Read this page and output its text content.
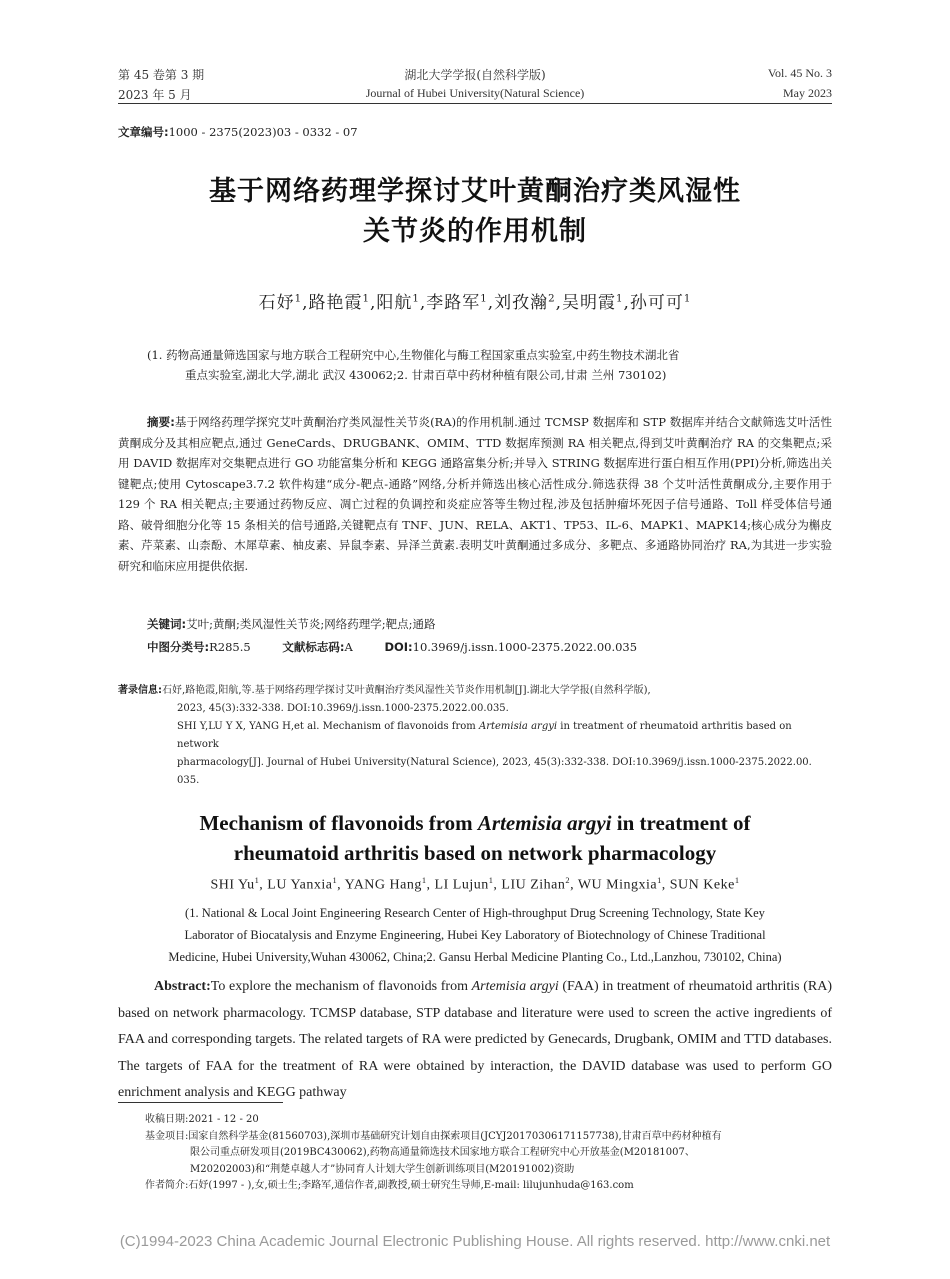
第 45 卷第 3 期
2023 年 5 月
湖北大学学报(自然科学版)
Journal of Hubei University(Natural Science)
Vol. 45 No. 3
May 2023
文章编号:1000 - 2375(2023)03 - 0332 - 07
基于网络药理学探讨艾叶黄酮治疗类风湿性
关节炎的作用机制
石妤$^1$,路艳霞$^1$,阳航$^1$,李路军$^1$,刘孜瀚$^2$,吴明霞$^1$,孙可可$^1$
(1. 药物高通量筛选国家与地方联合工程研究中心,生物催化与酶工程国家重点实验室,中药生物技术湖北省
重点实验室,湖北大学,湖北 武汉 430062;2. 甘肃百草中药材种植有限公司,甘肃 兰州 730102)
摘要:基于网络药理学探究艾叶黄酮治疗类风湿性关节炎(RA)的作用机制.通过 TCMSP 数据库和 STP 数据库并结合文献筛选艾叶活性黄酮成分及其相应靶点,通过 GeneCards、DRUGBANK、OMIM、TTD 数据库预测 RA 相关靶点,得到艾叶黄酮治疗 RA 的交集靶点;采用 DAVID 数据库对交集靶点进行 GO 功能富集分析和 KEGG 通路富集分析;并导入 STRING 数据库进行蛋白相互作用(PPI)分析,筛选出关键靶点;使用 Cytoscape3.7.2 软件构建“成分-靶点-通路”网络,分析并筛选出核心活性成分.筛选获得 38 个艾叶活性黄酮成分,主要作用于 129 个 RA 相关靶点;主要通过药物反应、凋亡过程的负调控和炎症应答等生物过程,涉及包括肿瘤坏死因子信号通路、Toll 样受体信号通路、破骨细胞分化等 15 条相关的信号通路,关键靶点有 TNF、JUN、RELA、AKT1、TP53、IL-6、MAPK1、MAPK14;核心成分为槲皮素、芹菜素、山柰酚、木犀草素、柚皮素、异鼠李素、异泽兰黄素.表明艾叶黄酮通过多成分、多靶点、多通路协同治疗 RA,为其进一步实验研究和临床应用提供依据.
关键词:艾叶;黄酮;类风湿性关节炎;网络药理学;靶点;通路
中图分类号:R285.5	文献标志码:A	DOI:10.3969/j.issn.1000-2375.2022.00.035
著录信息:石妤,路艳霞,阳航,等.基于网络药理学探讨艾叶黄酮治疗类风湿性关节炎作用机制[J].湖北大学学报(自然科学版),
2023, 45(3):332-338. DOI:10.3969/j.issn.1000-2375.2022.00.035.
SHI Y,LU Y X, YANG H,et al. Mechanism of flavonoids from Artemisia argyi in treatment of rheumatoid arthritis based on network
pharmacology[J]. Journal of Hubei University(Natural Science), 2023, 45(3):332-338. DOI:10.3969/j.issn.1000-2375.2022.00.
035.
Mechanism of flavonoids from Artemisia argyi in treatment of
rheumatoid arthritis based on network pharmacology
SHI Yu$^1$, LU Yanxia$^1$, YANG Hang$^1$, LI Lujun$^1$, LIU Zihan$^2$, WU Mingxia$^1$, SUN Keke$^1$
(1. National & Local Joint Engineering Research Center of High-throughput Drug Screening Technology, State Key
Laborator of Biocatalysis and Enzyme Engineering, Hubei Key Laboratory of Biotechnology of Chinese Traditional
Medicine, Hubei University,Wuhan 430062, China;2. Gansu Herbal Medicine Planting Co., Ltd.,Lanzhou, 730102, China)
Abstract:To explore the mechanism of flavonoids from Artemisia argyi (FAA) in treatment of rheumatoid arthritis (RA) based on network pharmacology. TCMSP database, STP database and literature were used to screen the active ingredients of FAA and corresponding targets. The related targets of RA were predicted by Genecards, Drugbank, OMIM and TTD databases. The targets of FAA for the treatment of RA were obtained by interaction, the DAVID database was used to perform GO enrichment analysis and KEGG pathway
收稿日期:2021 - 12 - 20
基金项目:国家自然科学基金(81560703),深圳市基础研究计划自由探索项目(JCYJ20170306171157738),甘肃百草中药材种植有
限公司重点研发项目(2019BC430062),药物高通量筛选技术国家地方联合工程研究中心开放基金(M20181007、
M20202003)和“荆楚卓越人才”协同育人计划大学生创新训练项目(M20191002)资助
作者简介:石妤(1997 - ),女,硕士生;李路军,通信作者,副教授,硕士研究生导师,E-mail: lilujunhuda@163.com
(C)1994-2023 China Academic Journal Electronic Publishing House. All rights reserved. http://www.cnki.net
